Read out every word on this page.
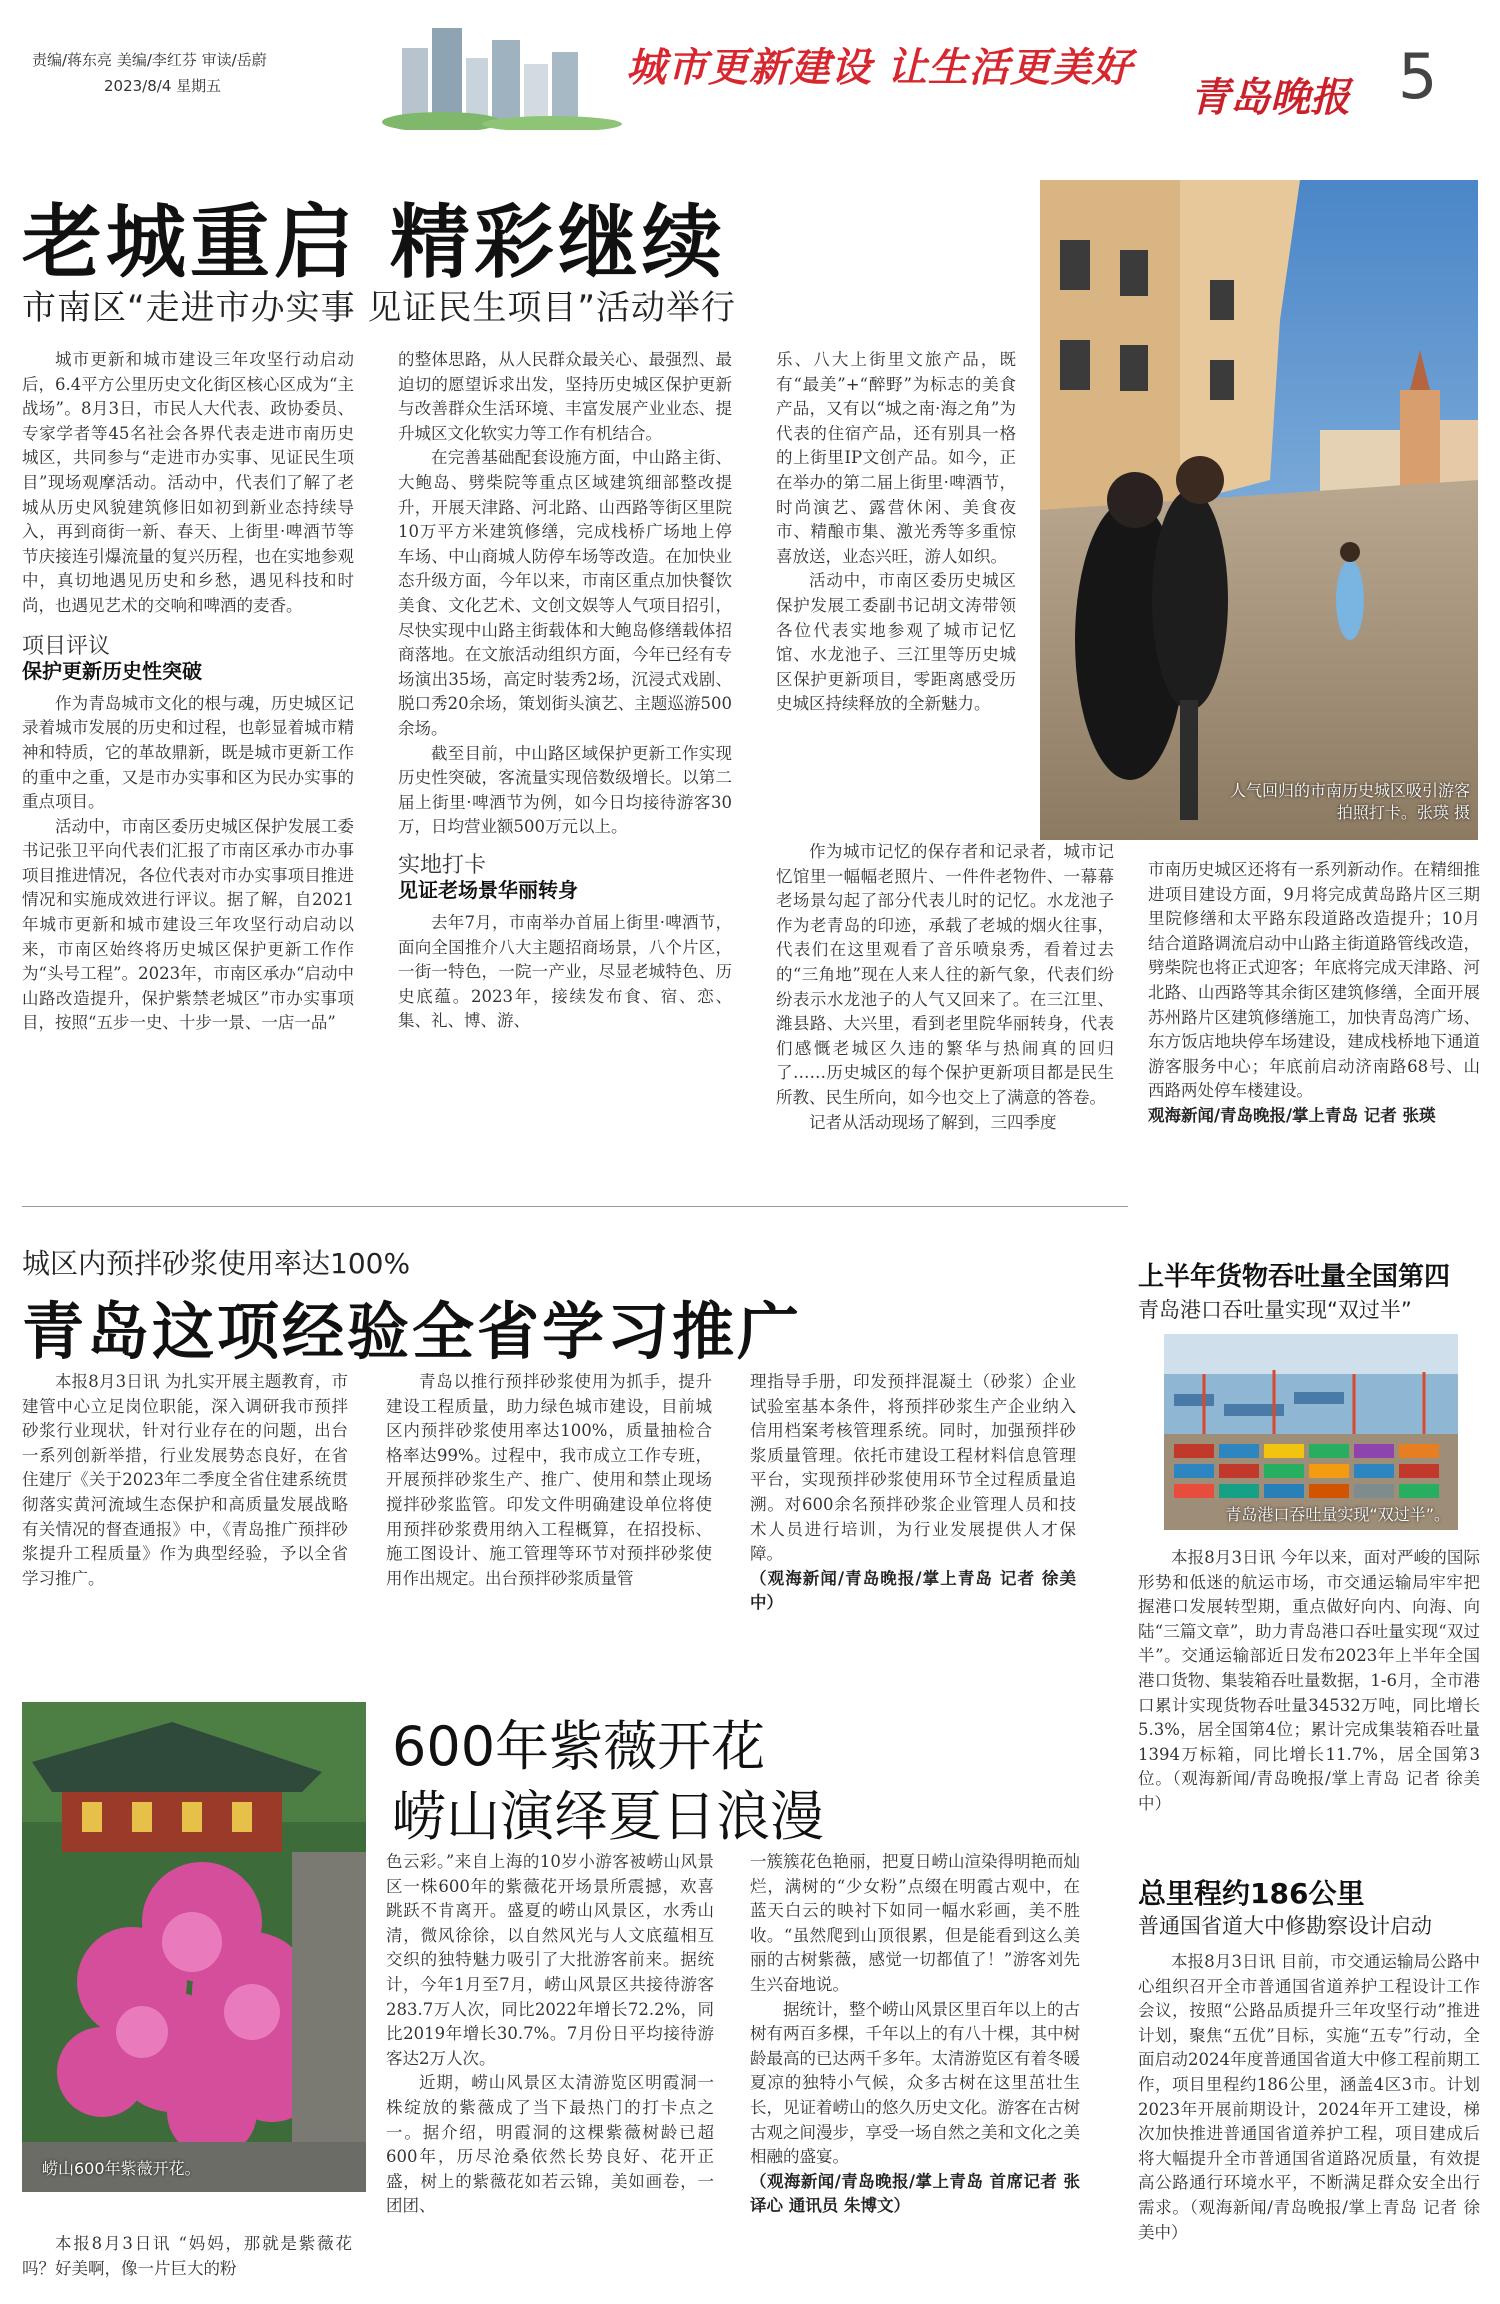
责编/蒋东亮 美编/李红芬 审读/岳蔚
2023/8/4 星期五	城市更新建设 让生活更美好
青岛晚报 5
老城重启 精彩继续
市南区“走进市办实事 见证民生项目”活动举行

城市更新和城市建设三年攻坚行动启动后，6.4平方公里历史文化街区核心区成为“主战场”。8月3日，市民人大代表、政协委员、专家学者等45名社会各界代表走进市南历史城区，共同参与“走进市办实事、见证民生项目”现场观摩活动。活动中，代表们了解了老城从历史风貌建筑修旧如初到新业态持续导入，再到商街一新、春天、上街里·啤酒节等节庆接连引爆流量的复兴历程，也在实地参观中，真切地遇见历史和乡愁，遇见科技和时尚，也遇见艺术的交响和啤酒的麦香。

项目评议
保护更新历史性突破

作为青岛城市文化的根与魂，历史城区记录着城市发展的历史和过程，也彰显着城市精神和特质，它的革故鼎新，既是城市更新工作的重中之重，又是市办实事和区为民办实事的重点项目。

活动中，市南区委历史城区保护发展工委书记张卫平向代表们汇报了市南区承办市办事项目推进情况，各位代表对市办实事项目推进情况和实施成效进行评议。据了解，自2021年城市更新和城市建设三年攻坚行动启动以来，市南区始终将历史城区保护更新工作作为“头号工程”。2023年，市南区承办“启动中山路改造提升，保护紫禁老城区”市办实事项目，按照“五步一史、十步一景、一店一品”

的整体思路，从人民群众最关心、最强烈、最迫切的愿望诉求出发，坚持历史城区保护更新与改善群众生活环境、丰富发展产业业态、提升城区文化软实力等工作有机结合。

在完善基础配套设施方面，中山路主街、大鲍岛、劈柴院等重点区域建筑细部整改提升，开展天津路、河北路、山西路等街区里院10万平方米建筑修缮，完成栈桥广场地上停车场、中山商城人防停车场等改造。在加快业态升级方面，今年以来，市南区重点加快餐饮美食、文化艺术、文创文娱等人气项目招引，尽快实现中山路主街载体和大鲍岛修缮载体招商落地。在文旅活动组织方面，今年已经有专场演出35场，高定时装秀2场，沉浸式戏剧、脱口秀20余场，策划街头演艺、主题巡游500余场。

截至目前，中山路区域保护更新工作实现历史性突破，客流量实现倍数级增长。以第二届上街里·啤酒节为例，如今日均接待游客30万，日均营业额500万元以上。

实地打卡
见证老场景华丽转身

去年7月，市南举办首届上街里·啤酒节，面向全国推介八大主题招商场景，八个片区，一街一特色，一院一产业，尽显老城特色、历史底蕴。2023年，接续发布食、宿、恋、集、礼、博、游、

乐、八大上街里文旅产品，既有“最美”+“醉野”为标志的美食产品，又有以“城之南·海之角”为代表的住宿产品，还有别具一格的上街里IP文创产品。如今，正在举办的第二届上街里·啤酒节，时尚演艺、露营休闲、美食夜市、精酿市集、激光秀等多重惊喜放送，业态兴旺，游人如织。

活动中，市南区委历史城区保护发展工委副书记胡文涛带领各位代表实地参观了城市记忆馆、水龙池子、三江里等历史城区保护更新项目，零距离感受历史城区持续释放的全新魅力。

人气回归的市南历史城区吸引游客拍照打卡。张瑛 摄

作为城市记忆的保存者和记录者，城市记忆馆里一幅幅老照片、一件件老物件、一幕幕老场景勾起了部分代表儿时的记忆。水龙池子作为老青岛的印迹，承载了老城的烟火往事，代表们在这里观看了音乐喷泉秀，看着过去的“三角地”现在人来人往的新气象，代表们纷纷表示水龙池子的人气又回来了。在三江里、潍县路、大兴里，看到老里院华丽转身，代表们感慨老城区久违的繁华与热闹真的回归了……历史城区的每个保护更新项目都是民生所教、民生所向，如今也交上了满意的答卷。

记者从活动现场了解到，三四季度

市南历史城区还将有一系列新动作。在精细推进项目建设方面，9月将完成黄岛路片区三期里院修缮和太平路东段道路改造提升；10月结合道路调流启动中山路主街道路管线改造，劈柴院也将正式迎客；年底将完成天津路、河北路、山西路等其余街区建筑修缮，全面开展苏州路片区建筑修缮施工，加快青岛湾广场、东方饭店地块停车场建设，建成栈桥地下通道游客服务中心；年底前启动济南路68号、山西路两处停车楼建设。

观海新闻/青岛晚报/掌上青岛 记者 张瑛

城区内预拌砂浆使用率达100%
青岛这项经验全省学习推广

本报8月3日讯 为扎实开展主题教育，市建管中心立足岗位职能，深入调研我市预拌砂浆行业现状，针对行业存在的问题，出台一系列创新举措，行业发展势态良好，在省住建厅《关于2023年二季度全省住建系统贯彻落实黄河流域生态保护和高质量发展战略有关情况的督查通报》中，《青岛推广预拌砂浆提升工程质量》作为典型经验，予以全省学习推广。

青岛以推行预拌砂浆使用为抓手，提升建设工程质量，助力绿色城市建设，目前城区内预拌砂浆使用率达100%，质量抽检合格率达99%。过程中，我市成立工作专班，开展预拌砂浆生产、推广、使用和禁止现场搅拌砂浆监管。印发文件明确建设单位将使用预拌砂浆费用纳入工程概算，在招投标、施工图设计、施工管理等环节对预拌砂浆使用作出规定。出台预拌砂浆质量管

理指导手册，印发预拌混凝土（砂浆）企业试验室基本条件，将预拌砂浆生产企业纳入信用档案考核管理系统。同时，加强预拌砂浆质量管理。依托市建设工程材料信息管理平台，实现预拌砂浆使用环节全过程质量追溯。对600余名预拌砂浆企业管理人员和技术人员进行培训，为行业发展提供人才保障。

（观海新闻/青岛晚报/掌上青岛 记者 徐美中）

上半年货物吞吐量全国第四
青岛港口吞吐量实现“双过半”
青岛港口吞吐量实现“双过半”。

本报8月3日讯 今年以来，面对严峻的国际形势和低迷的航运市场，市交通运输局牢牢把握港口发展转型期，重点做好向内、向海、向陆“三篇文章”，助力青岛港口吞吐量实现“双过半”。交通运输部近日发布2023年上半年全国港口货物、集装箱吞吐量数据，1-6月，全市港口累计实现货物吞吐量34532万吨，同比增长5.3%，居全国第4位；累计完成集装箱吞吐量1394万标箱，同比增长11.7%，居全国第3位。（观海新闻/青岛晚报/掌上青岛 记者 徐美中）

总里程约186公里
普通国省道大中修勘察设计启动

本报8月3日讯 目前，市交通运输局公路中心组织召开全市普通国省道养护工程设计工作会议，按照“公路品质提升三年攻坚行动”推进计划，聚焦“五优”目标，实施“五专”行动，全面启动2024年度普通国省道大中修工程前期工作，项目里程约186公里，涵盖4区3市。计划2023年开展前期设计，2024年开工建设，梯次加快推进普通国省道养护工程，项目建成后将大幅提升全市普通国省道路况质量，有效提高公路通行环境水平，不断满足群众安全出行需求。（观海新闻/青岛晚报/掌上青岛 记者 徐美中）

崂山600年紫薇开花。
600年紫薇开花
崂山演绎夏日浪漫

本报8月3日讯 “妈妈，那就是紫薇花吗？好美啊，像一片巨大的粉

色云彩。”来自上海的10岁小游客被崂山风景区一株600年的紫薇花开场景所震撼，欢喜跳跃不肯离开。盛夏的崂山风景区，水秀山清，微风徐徐，以自然风光与人文底蕴相互交织的独特魅力吸引了大批游客前来。据统计，今年1月至7月，崂山风景区共接待游客283.7万人次，同比2022年增长72.2%，同比2019年增长30.7%。7月份日平均接待游客达2万人次。

近期，崂山风景区太清游览区明霞洞一株绽放的紫薇成了当下最热门的打卡点之一。据介绍，明霞洞的这棵紫薇树龄已超600年，历尽沧桑依然长势良好、花开正盛，树上的紫薇花如若云锦，美如画卷，一团团、

一簇簇花色艳丽，把夏日崂山渲染得明艳而灿烂，满树的“少女粉”点缀在明霞古观中，在蓝天白云的映衬下如同一幅水彩画，美不胜收。“虽然爬到山顶很累，但是能看到这么美丽的古树紫薇，感觉一切都值了！”游客刘先生兴奋地说。

据统计，整个崂山风景区里百年以上的古树有两百多棵，千年以上的有八十棵，其中树龄最高的已达两千多年。太清游览区有着冬暖夏凉的独特小气候，众多古树在这里茁壮生长，见证着崂山的悠久历史文化。游客在古树古观之间漫步，享受一场自然之美和文化之美相融的盛宴。

（观海新闻/青岛晚报/掌上青岛 首席记者 张译心 通讯员 朱博文）
